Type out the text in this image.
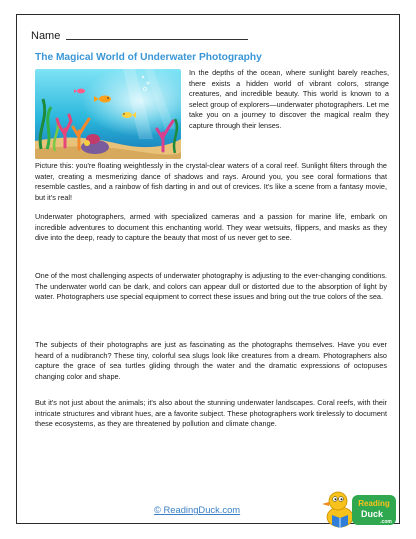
Name
The Magical World of Underwater Photography

In the depths of the ocean, where sunlight barely reaches, there exists a hidden world of vibrant colors, strange creatures, and incredible beauty. This world is known to a select group of explorers—underwater photographers. Let me take you on a journey to discover the magical realm they capture through their lenses.

Picture this: you're floating weightlessly in the crystal-clear waters of a coral reef. Sunlight filters through the water, creating a mesmerizing dance of shadows and rays. Around you, you see coral formations that resemble castles, and a rainbow of fish darting in and out of crevices. It's like a scene from a fantasy movie, but it's real!

Underwater photographers, armed with specialized cameras and a passion for marine life, embark on incredible adventures to document this enchanting world. They wear wetsuits, flippers, and masks as they dive into the deep, ready to capture the beauty that most of us never get to see.

One of the most challenging aspects of underwater photography is adjusting to the ever-changing conditions. The underwater world can be dark, and colors can appear dull or distorted due to the absorption of light by water. Photographers use special equipment to correct these issues and bring out the true colors of the sea.

The subjects of their photographs are just as fascinating as the photographs themselves. Have you ever heard of a nudibranch? These tiny, colorful sea slugs look like creatures from a dream. Photographers also capture the grace of sea turtles gliding through the water and the dramatic expressions of octopuses changing color and shape.

But it's not just about the animals; it's also about the stunning underwater landscapes. Coral reefs, with their intricate structures and vibrant hues, are a favorite subject. These photographers work tirelessly to document these ecosystems, as they are threatened by pollution and climate change.

© ReadingDuck.com
Reading
Duck
.com
